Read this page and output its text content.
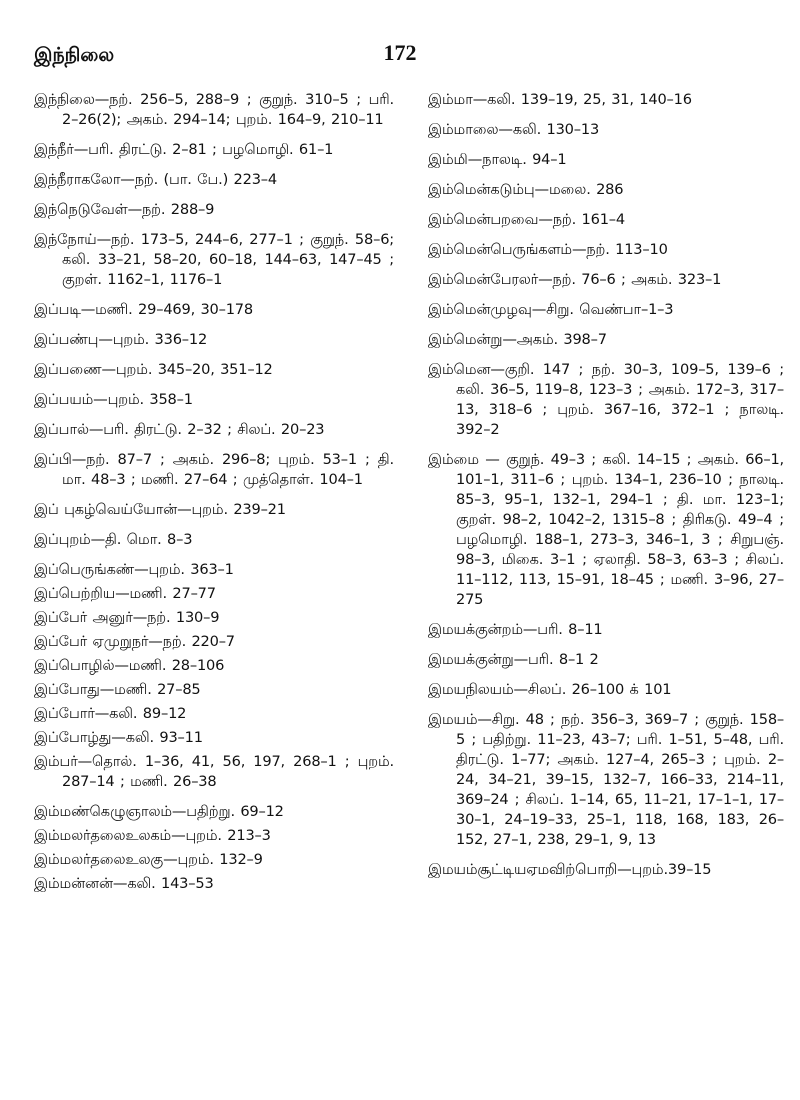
இந்நிலை	172

இந்நிலை—நற். 256–5, 288–9 ; குறுந். 310–5 ; பரி. 2–26(2); அகம். 294–14; புறம். 164–9, 210–11

இந்நீர்—பரி. திரட்டு. 2–81 ; பழமொழி. 61–1

இந்நீராகலோ—நற். (பா. பே.) 223–4

இந்நெடுவேள்—நற். 288–9

இந்நோய்—நற். 173–5, 244–6, 277–1 ; குறுந். 58–6; கலி. 33–21, 58–20, 60–18, 144–63, 147–45 ; குறள். 1162–1, 1176–1

இப்படி—மணி. 29–469, 30–178

இப்பண்பு—புறம். 336–12

இப்பணை—புறம். 345–20, 351–12

இப்பயம்—புறம். 358–1

இப்பால்—பரி. திரட்டு. 2–32 ; சிலப். 20–23

இப்பி—நற். 87–7 ; அகம். 296–8; புறம். 53–1 ; தி. மா. 48–3 ; மணி. 27–64 ; முத்தொள். 104–1

இப் புகழ்வெய்யோன்—புறம். 239–21

இப்புறம்—தி. மொ. 8–3

இப்பெருங்கண்—புறம். 363–1

இப்பெற்றிய—மணி. 27–77

இப்பேர் அனுர்—நற். 130–9

இப்பேர் ஏமுறுநர்—நற். 220–7

இப்பொழில்—மணி. 28–106

இப்போது—மணி. 27–85

இப்போர்—கலி. 89–12

இப்போழ்து—கலி. 93–11

இம்பர்—தொல். 1–36, 41, 56, 197, 268–1 ; புறம். 287–14 ; மணி. 26–38

இம்மண்கெழுஞாலம்—பதிற்று. 69–12

இம்மலர்தலைஉலகம்—புறம். 213–3

இம்மலர்தலைஉலகு—புறம். 132–9

இம்மன்னன்—கலி. 143–53

இம்மா—கலி. 139–19, 25, 31, 140–16

இம்மாலை—கலி. 130–13

இம்மி—நாலடி. 94–1

இம்மென்கடும்பு—மலை. 286

இம்மென்பறவை—நற். 161–4

இம்மென்பெருங்களம்—நற். 113–10

இம்மென்பேரலர்—நற். 76–6 ; அகம். 323–1

இம்மென்முழவு—சிறு. வெண்பா–1–3

இம்மென்று—அகம். 398–7

இம்மென—குறி. 147 ; நற். 30–3, 109–5, 139–6 ; கலி. 36–5, 119–8, 123–3 ; அகம். 172–3, 317–13, 318–6 ; புறம். 367–16, 372–1 ; நாலடி. 392–2

இம்மை — குறுந். 49–3 ; கலி. 14–15 ; அகம். 66–1, 101–1, 311–6 ; புறம். 134–1, 236–10 ; நாலடி. 85–3, 95–1, 132–1, 294–1 ; தி. மா. 123–1; குறள். 98–2, 1042–2, 1315–8 ; திரிகடு. 49–4 ; பழமொழி. 188–1, 273–3, 346–1, 3 ; சிறுபஞ். 98–3, மிகை. 3–1 ; ஏலாதி. 58–3, 63–3 ; சிலப். 11–112, 113, 15–91, 18–45 ; மணி. 3–96, 27–275

இமயக்குன்றம்—பரி. 8–11

இமயக்குன்று—பரி. 8–1 2

இமயநிலயம்—சிலப். 26–100 க் 101

இமயம்—சிறு. 48 ; நற். 356–3, 369–7 ; குறுந். 158–5 ; பதிற்று. 11–23, 43–7; பரி. 1–51, 5–48, பரி. திரட்டு. 1–77; அகம். 127–4, 265–3 ; புறம். 2–24, 34–21, 39–15, 132–7, 166–33, 214–11, 369–24 ; சிலப். 1–14, 65, 11–21, 17–1–1, 17–30–1, 24–19–33, 25–1, 118, 168, 183, 26–152, 27–1, 238, 29–1, 9, 13

இமயம்சூட்டியஏமவிற்பொறி—புறம்.39–15
